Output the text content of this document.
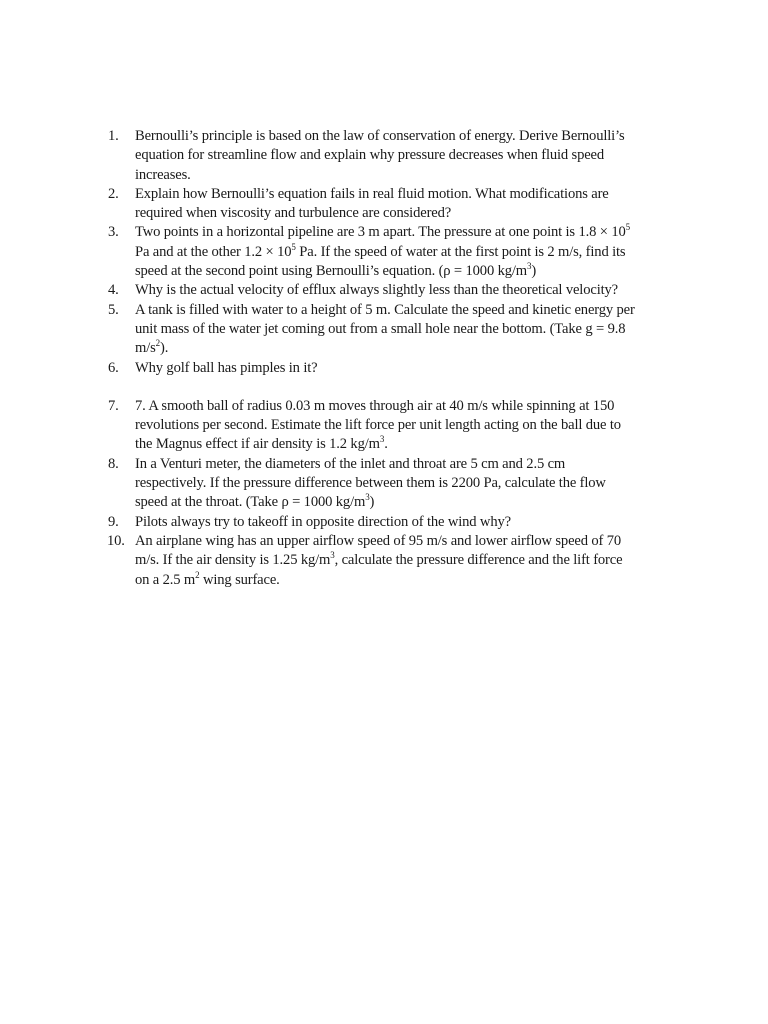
1. Bernoulli’s principle is based on the law of conservation of energy. Derive Bernoulli’s
equation for streamline flow and explain why pressure decreases when fluid speed
increases.
2. Explain how Bernoulli’s equation fails in real fluid motion. What modifications are
required when viscosity and turbulence are considered?
3. Two points in a horizontal pipeline are 3 m apart. The pressure at one point is $1.8 \times 10^5$
Pa and at the other $1.2 \times 10^5$ Pa. If the speed of water at the first point is 2 m/s, find its
speed at the second point using Bernoulli’s equation. (ρ = 1000 $kg/m^3$)
4. Why is the actual velocity of efflux always slightly less than the theoretical velocity?
5. A tank is filled with water to a height of 5 m. Calculate the speed and kinetic energy per
unit mass of the water jet coming out from a small hole near the bottom. (Take g = 9.8
$m/s^2$).
6. Why golf ball has pimples in it?
7. 7. A smooth ball of radius 0.03 m moves through air at 40 m/s while spinning at 150
revolutions per second. Estimate the lift force per unit length acting on the ball due to
the Magnus effect if air density is 1.2 $kg/m^3$.
8. In a Venturi meter, the diameters of the inlet and throat are 5 cm and 2.5 cm
respectively. If the pressure difference between them is 2200 Pa, calculate the flow
speed at the throat. (Take ρ = 1000 $kg/m^3$)
9. Pilots always try to takeoff in opposite direction of the wind why?
10. An airplane wing has an upper airflow speed of 95 m/s and lower airflow speed of 70
m/s. If the air density is 1.25 $kg/m^3$, calculate the pressure difference and the lift force
on a 2.5 $m^2$ wing surface.
